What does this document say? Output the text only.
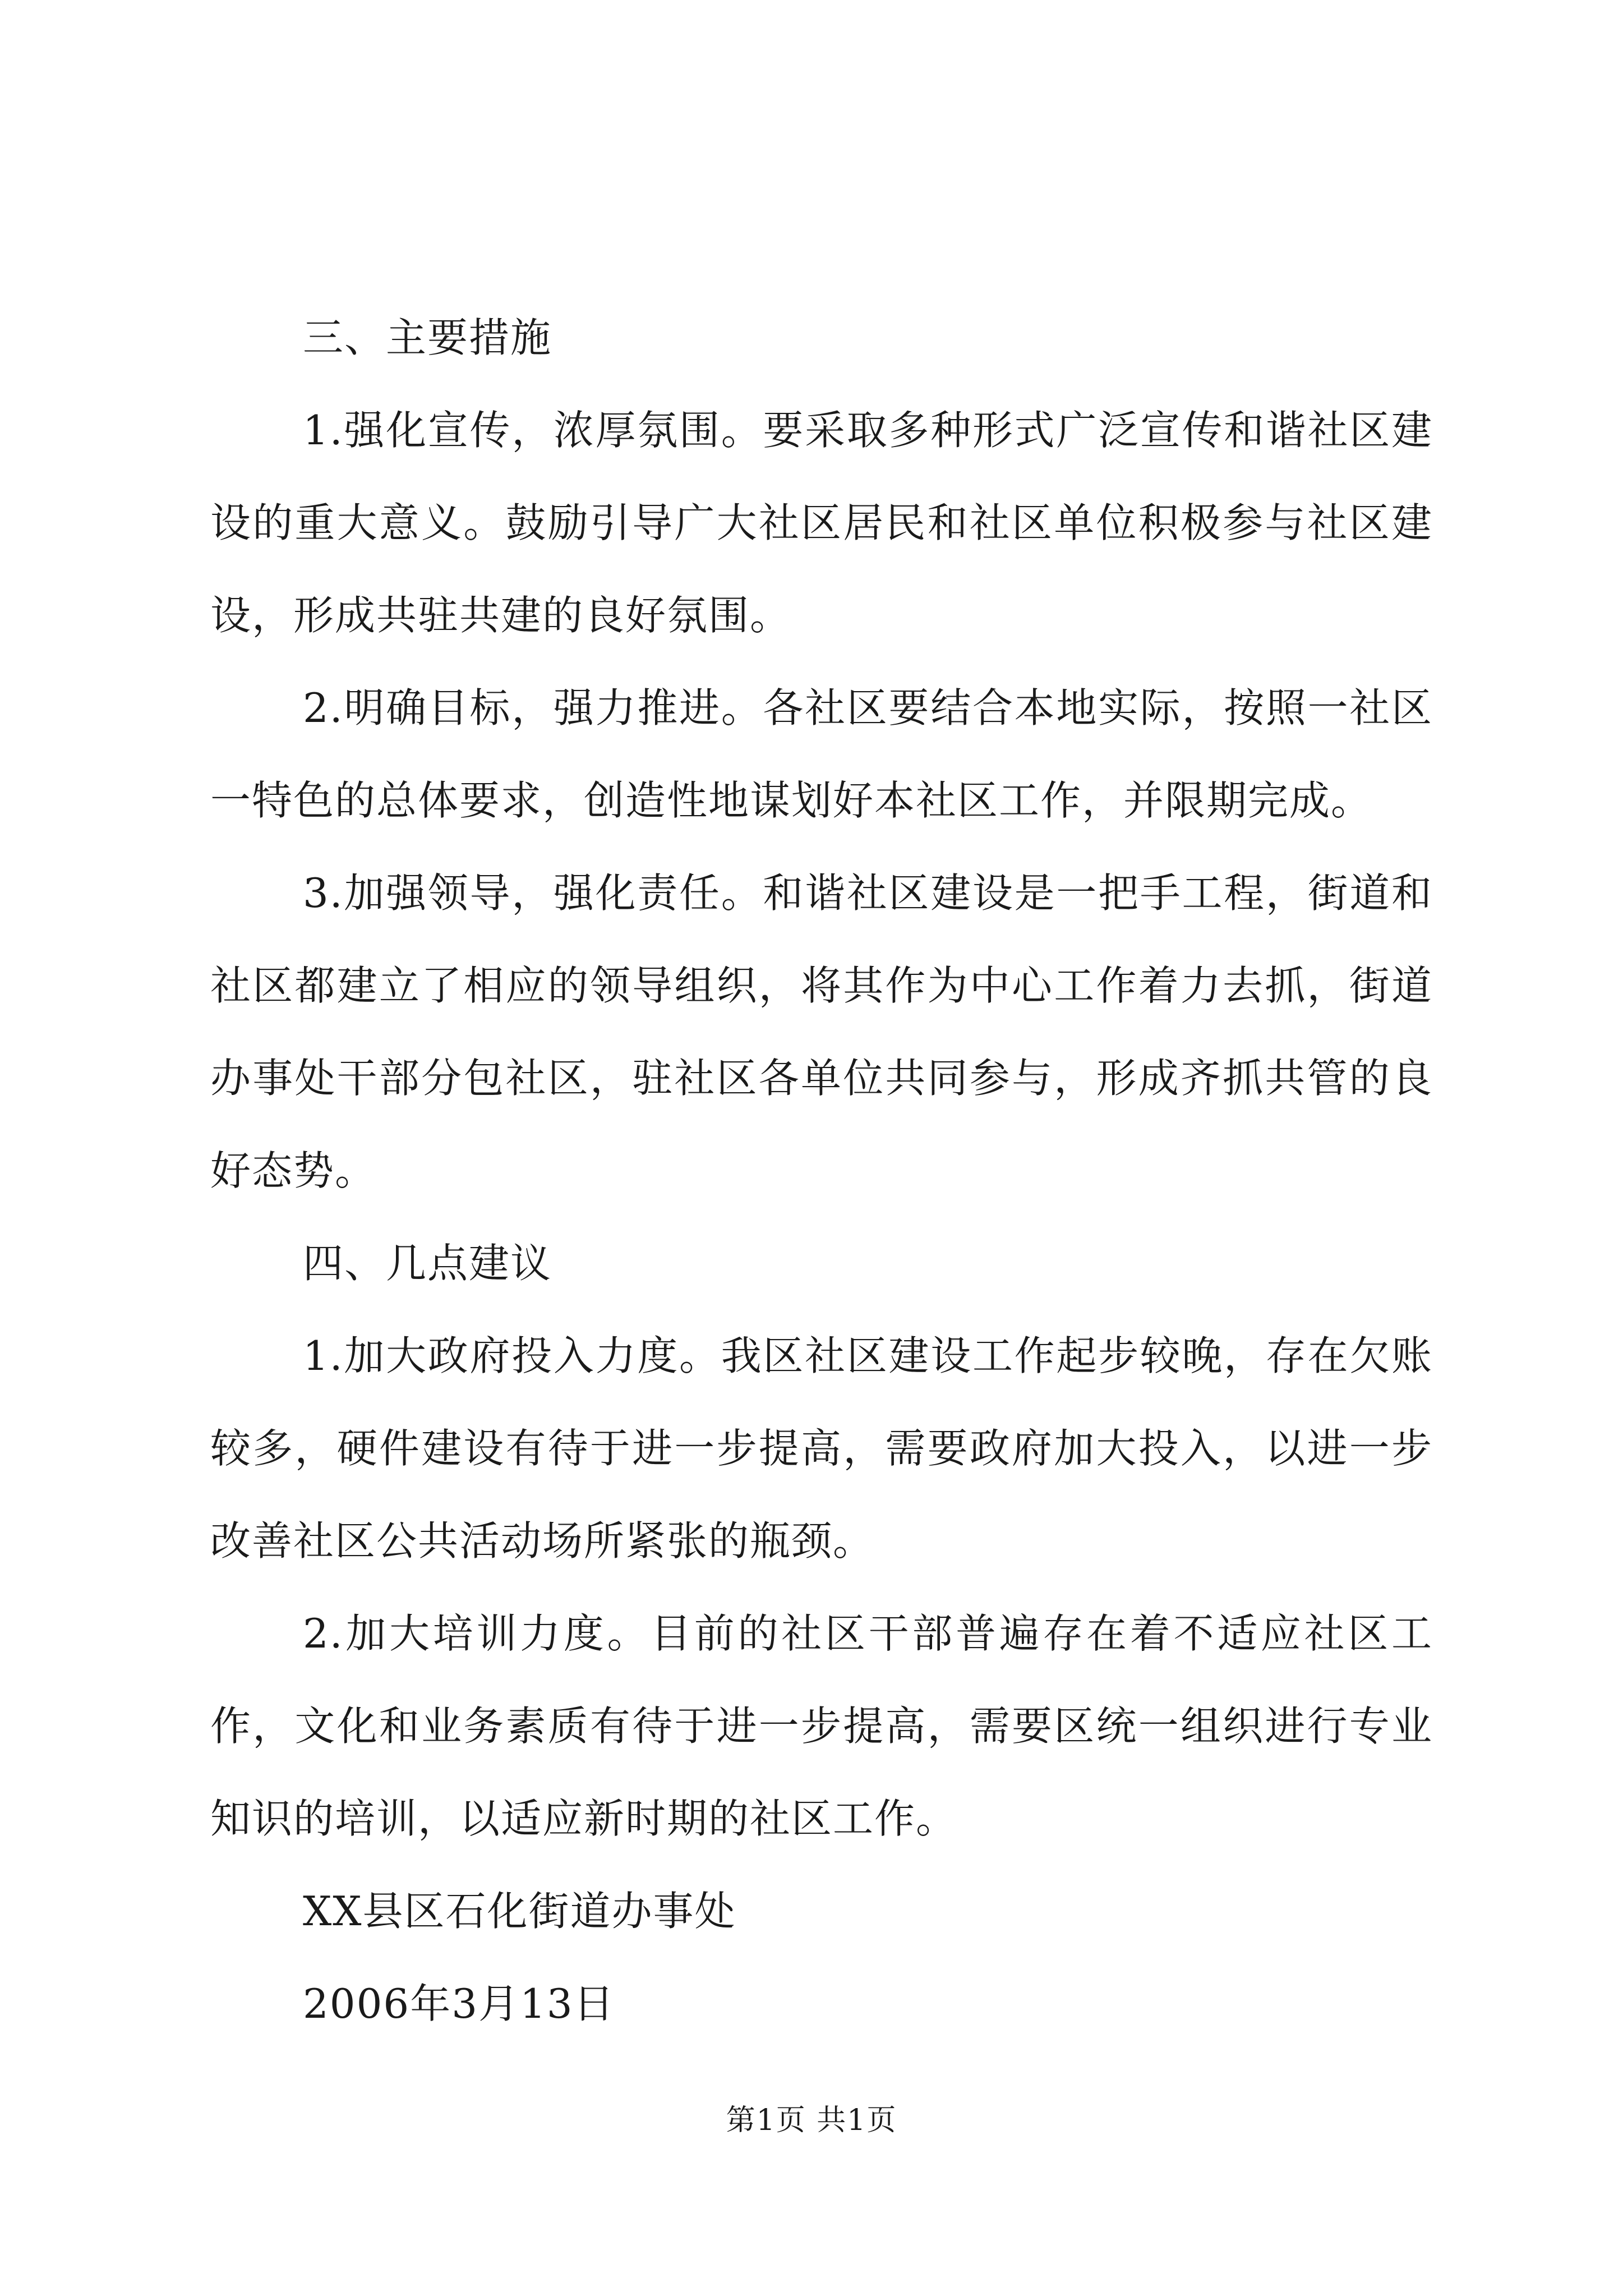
三、主要措施

1.强化宣传，浓厚氛围。要采取多种形式广泛宣传和谐社区建设的重大意义。鼓励引导广大社区居民和社区单位积极参与社区建设，形成共驻共建的良好氛围。

2.明确目标，强力推进。各社区要结合本地实际，按照一社区一特色的总体要求，创造性地谋划好本社区工作，并限期完成。

3.加强领导，强化责任。和谐社区建设是一把手工程，街道和社区都建立了相应的领导组织，将其作为中心工作着力去抓，街道办事处干部分包社区，驻社区各单位共同参与，形成齐抓共管的良好态势。

四、几点建议

1.加大政府投入力度。我区社区建设工作起步较晚，存在欠账较多，硬件建设有待于进一步提高，需要政府加大投入，以进一步改善社区公共活动场所紧张的瓶颈。

2.加大培训力度。目前的社区干部普遍存在着不适应社区工作，文化和业务素质有待于进一步提高，需要区统一组织进行专业知识的培训，以适应新时期的社区工作。

XX县区石化街道办事处

2006年3月13日

第1页 共1页
